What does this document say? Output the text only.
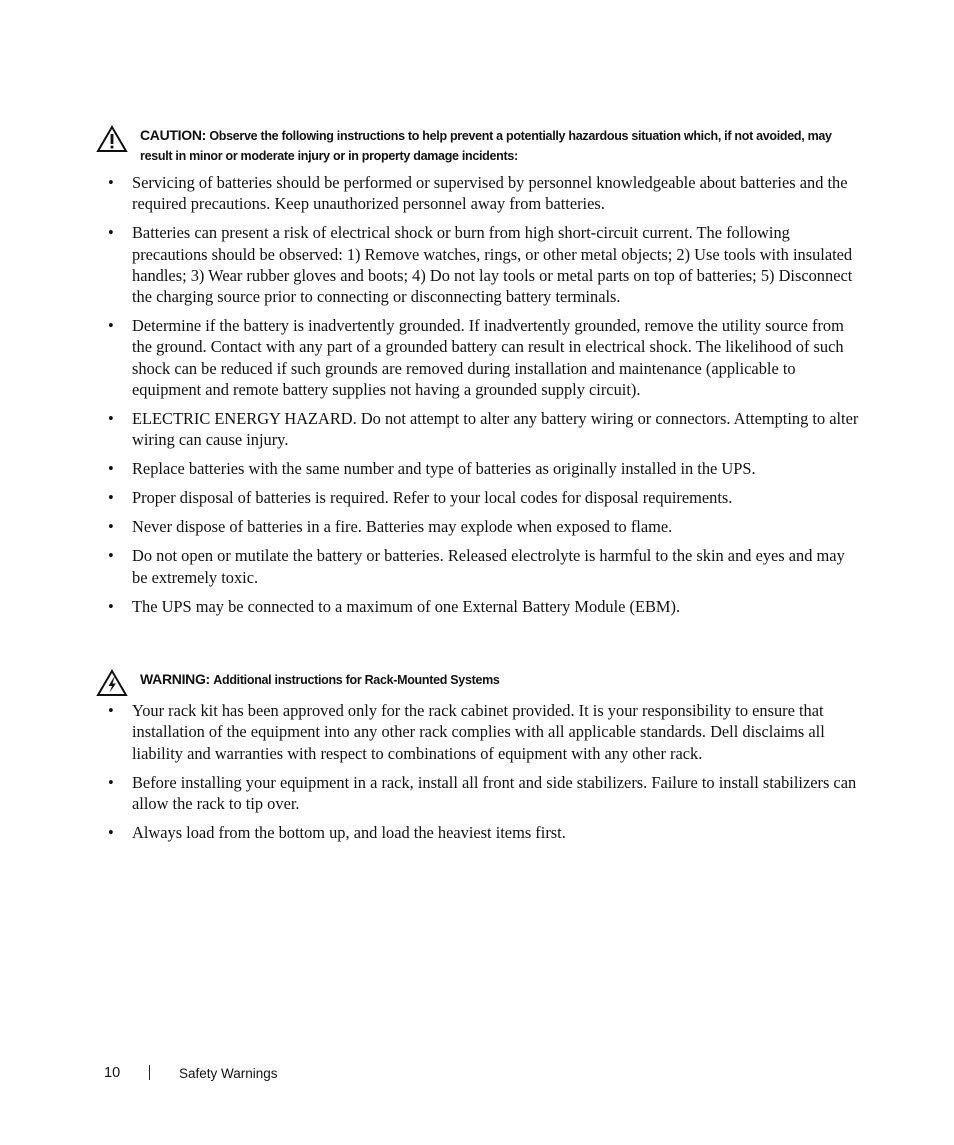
CAUTION: Observe the following instructions to help prevent a potentially hazardous situation which, if not avoided, may result in minor or moderate injury or in property damage incidents:
• Servicing of batteries should be performed or supervised by personnel knowledgeable about batteries and the required precautions. Keep unauthorized personnel away from batteries.
• Batteries can present a risk of electrical shock or burn from high short-circuit current. The following precautions should be observed: 1) Remove watches, rings, or other metal objects; 2) Use tools with insulated handles; 3) Wear rubber gloves and boots; 4) Do not lay tools or metal parts on top of batteries; 5) Disconnect the charging source prior to connecting or disconnecting battery terminals.
• Determine if the battery is inadvertently grounded. If inadvertently grounded, remove the utility source from the ground. Contact with any part of a grounded battery can result in electrical shock. The likelihood of such shock can be reduced if such grounds are removed during installation and maintenance (applicable to equipment and remote battery supplies not having a grounded supply circuit).
• ELECTRIC ENERGY HAZARD. Do not attempt to alter any battery wiring or connectors. Attempting to alter wiring can cause injury.
• Replace batteries with the same number and type of batteries as originally installed in the UPS.
• Proper disposal of batteries is required. Refer to your local codes for disposal requirements.
• Never dispose of batteries in a fire. Batteries may explode when exposed to flame.
• Do not open or mutilate the battery or batteries. Released electrolyte is harmful to the skin and eyes and may be extremely toxic.
• The UPS may be connected to a maximum of one External Battery Module (EBM).
WARNING: Additional instructions for Rack-Mounted Systems
• Your rack kit has been approved only for the rack cabinet provided. It is your responsibility to ensure that installation of the equipment into any other rack complies with all applicable standards. Dell disclaims all liability and warranties with respect to combinations of equipment with any other rack.
• Before installing your equipment in a rack, install all front and side stabilizers. Failure to install stabilizers can allow the rack to tip over.
• Always load from the bottom up, and load the heaviest items first.
10	Safety Warnings
